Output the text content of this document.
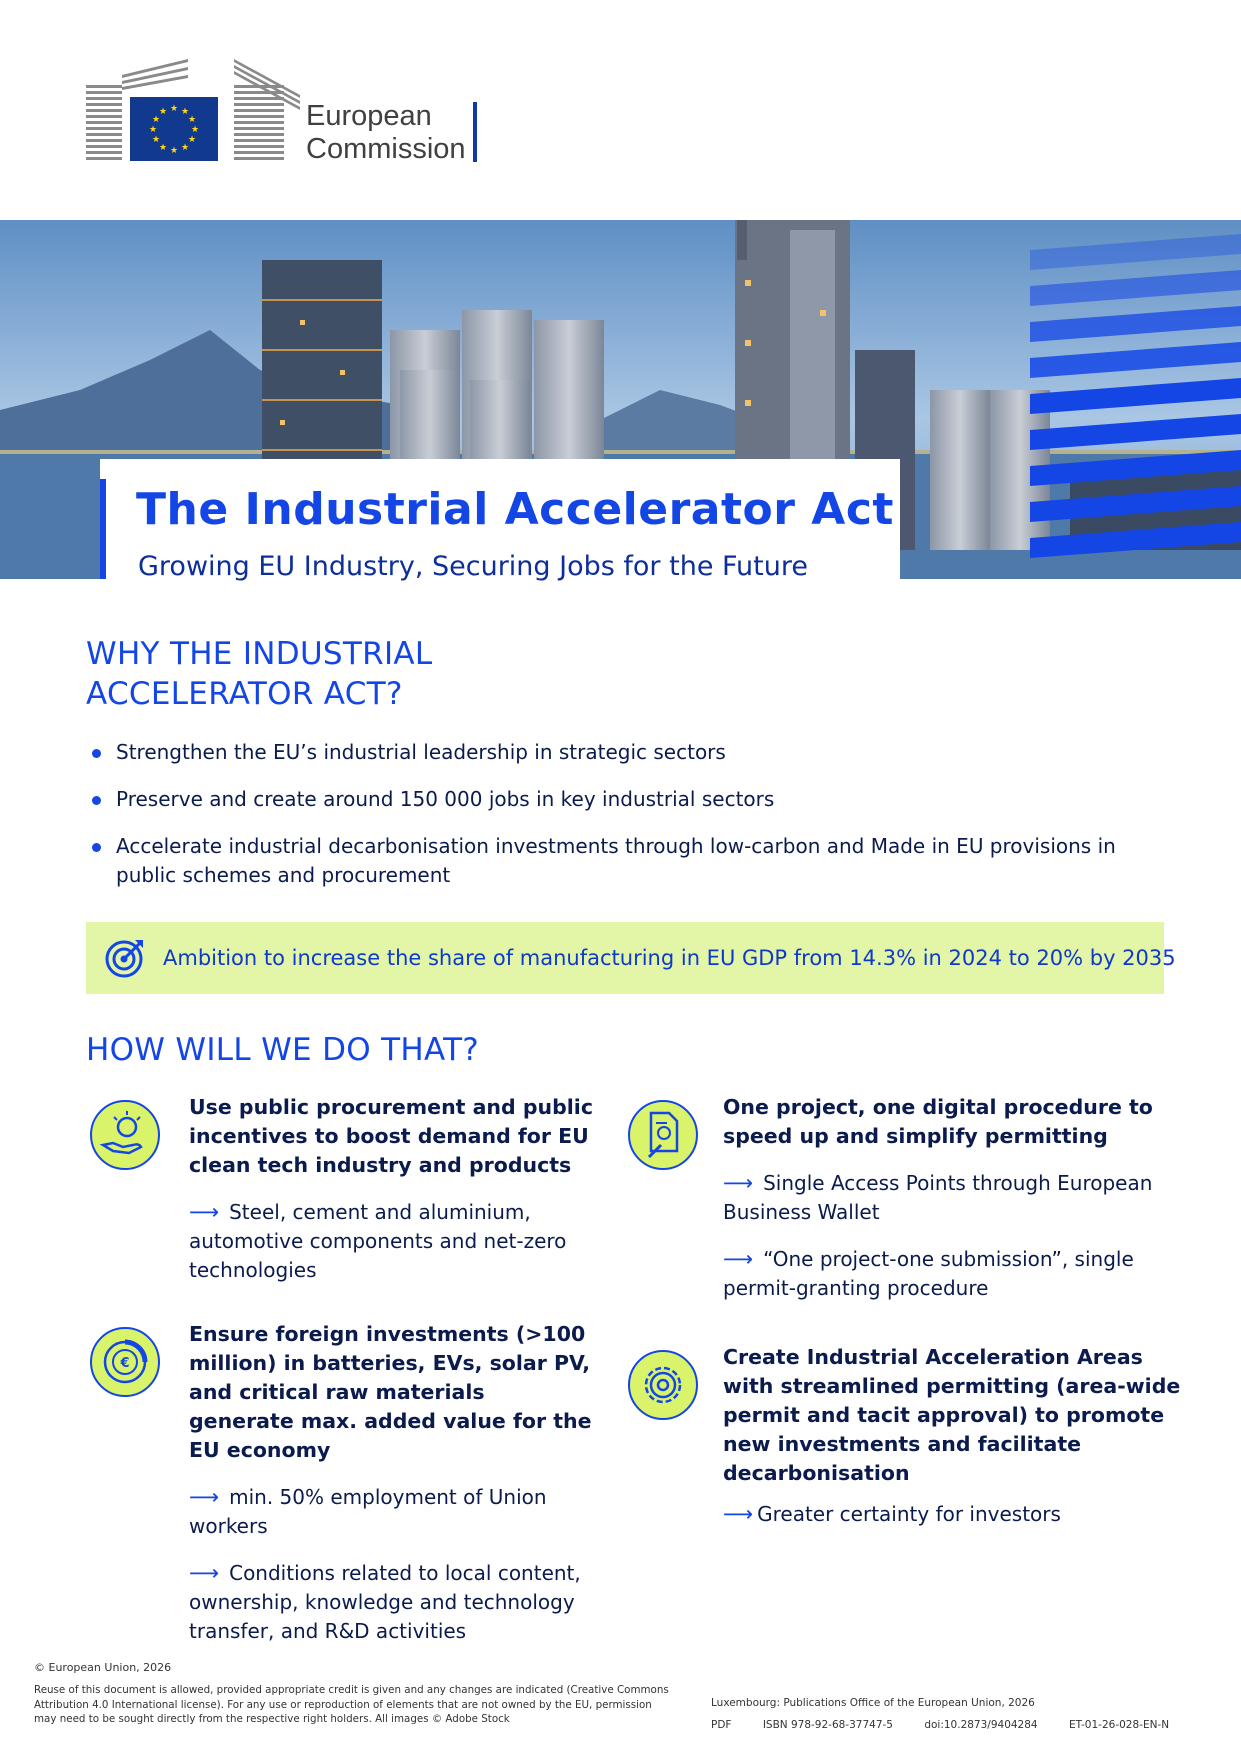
★ ★
★
★
★
★
★
★
★
★
★
★	European
Commission
The Industrial Accelerator Act
Growing EU Industry, Securing Jobs for the Future
WHY THE INDUSTRIAL
ACCELERATOR ACT?
Strengthen the EU’s industrial leadership in strategic sectors
Preserve and create around 150 000 jobs in key industrial sectors
Accelerate industrial decarbonisation investments through low-carbon and Made in EU provisions in public schemes and procurement
Ambition to increase the share of manufacturing in EU GDP from 14.3% in 2024 to 20% by 2035
HOW WILL WE DO THAT?
Use public procurement and public incentives to boost demand for EU clean tech industry and products
⟶ Steel, cement and aluminium, automotive components and net-zero technologies
One project, one digital procedure to speed up and simplify permitting
⟶ Single Access Points through European Business Wallet
⟶ “One project-one submission”, single permit-granting procedure
€
Ensure foreign investments (>100 million) in batteries, EVs, solar PV, and critical raw materials generate max. added value for the EU economy
⟶ min. 50% employment of Union workers
⟶ Conditions related to local content, ownership, knowledge and technology transfer, and R&D activities
Create Industrial Acceleration Areas with streamlined permitting (area-wide permit and tacit approval) to promote new investments and facilitate decarbonisation
⟶ Greater certainty for investors
© European Union, 2026
Reuse of this document is allowed, provided appropriate credit is given and any changes are indicated (Creative Commons Attribution 4.0 International license). For any use or reproduction of elements that are not owned by the EU, permission may need to be sought directly from the respective right holders. All images © Adobe Stock
Luxembourg: Publications Office of the European Union, 2026
PDF	ISBN 978-92-68-37747-5	doi:10.2873/9404284	ET-01-26-028-EN-N
